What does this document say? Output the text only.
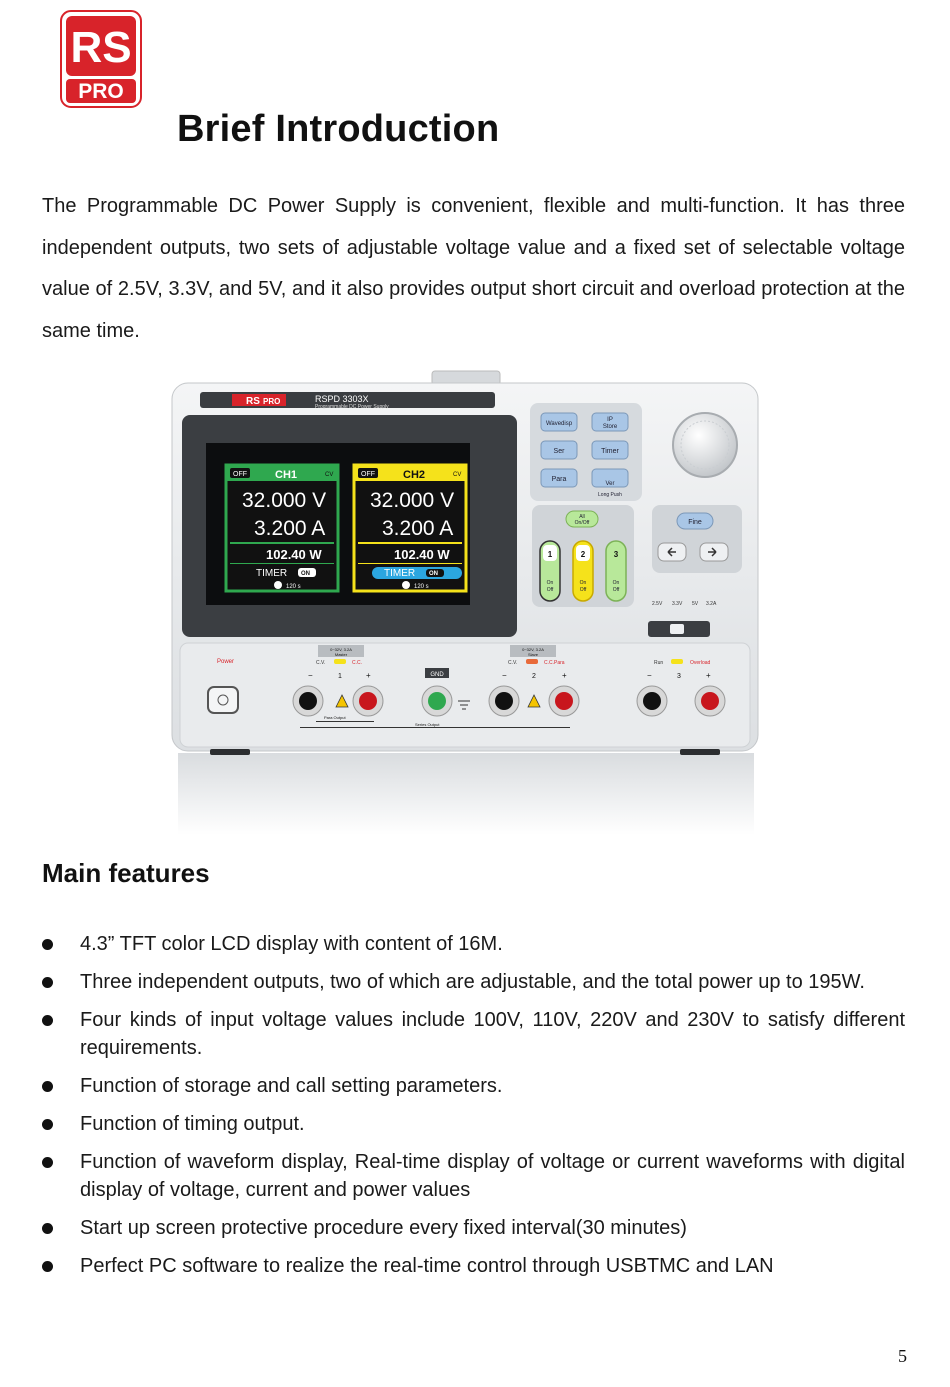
RS
PRO
Brief Introduction

The Programmable DC Power Supply is convenient, flexible and multi-function. It has three independent outputs, two sets of adjustable voltage value and a fixed set of selectable voltage value of 2.5V, 3.3V, and 5V, and it also provides output short circuit and overload protection at the same time.

RS PRO	RSPD 3303X
Programmable DC Power Supply
OFF	CH1	CV
32.000 V
3.200 A
102.40 W
TIMER ON
120 s
OFF	CH2	CV
32.000 V
3.200 A
102.40 W
TIMER ON
120 s
Wavedisp
IP
Store
Ser	Timer
Para
Ver
Long Push
All
On/Off
1
On
Off
2
On
Off
3
On
Off
Fine
2.5V 3.3V 5V 3.2A
Power
0~32V, 3.2A
Master
C.V.	C.C.
0~32V, 3.2A
Slave
C.V.	C.C.Para	Run	Overload
−	1	+	GND	−	2	+	−	3	+
Para Output
Series Output
Main features
4.3” TFT color LCD display with content of 16M.
Three independent outputs, two of which are adjustable, and the total power up to 195W.
Four kinds of input voltage values include 100V, 110V, 220V and 230V to satisfy different requirements.
Function of storage and call setting parameters.
Function of timing output.
Function of waveform display, Real-time display of voltage or current waveforms with digital display of voltage, current and power values
Start up screen protective procedure every fixed interval(30 minutes)
Perfect PC software to realize the real-time control through USBTMC and LAN
5
